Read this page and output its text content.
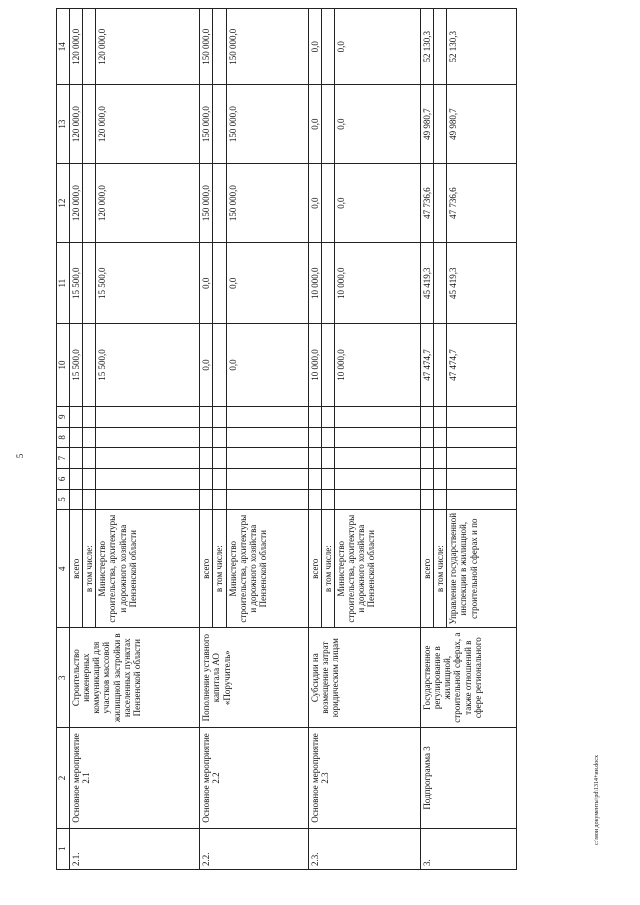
5
c:\мои документы\pd\1314+ин.docx
1	2	3	4	5	6	7	8	9	10	11	12	13	14
2.1.	Основное мероприятие 2.1	Строительство инженерных коммуникаций для участков массовой жилищной застройки в населенных пунктах Пензенской области	всего						15 500,0	15 500,0	120 000,0	120 000,0	120 000,0
			в том числе:										
			Министерство строительства, архитектуры и дорожного хозяйства Пензенской области						15 500,0	15 500,0	120 000,0	120 000,0	120 000,0
2.2.	Основное мероприятие 2.2	Пополнение уставного капитала АО «Поручитель»	всего						0,0	0,0	150 000,0	150 000,0	150 000,0
			в том числе:										
			Министерство строительства, архитектуры и дорожного хозяйства Пензенской области						0,0	0,0	150 000,0	150 000,0	150 000,0
2.3.	Основное мероприятие 2.3	Субсидии на возмещение затрат юридическим лицам	всего						10 000,0	10 000,0	0,0	0,0	0,0
			в том числе:										
			Министерство строительства, архитектуры и дорожного хозяйства Пензенской области						10 000,0	10 000,0	0,0	0,0	0,0
3.	Подпрограмма 3	Государственное регулирование в жилищной, строительной сферах, а также отношений в сфере регионального	всего						47 474,7	45 419,3	47 736,6	49 980,7	52 130,3
			в том числе:										
			Управление государственной инспекции в жилищной, строительной сферах и по						47 474,7	45 419,3	47 736,6	49 980,7	52 130,3
